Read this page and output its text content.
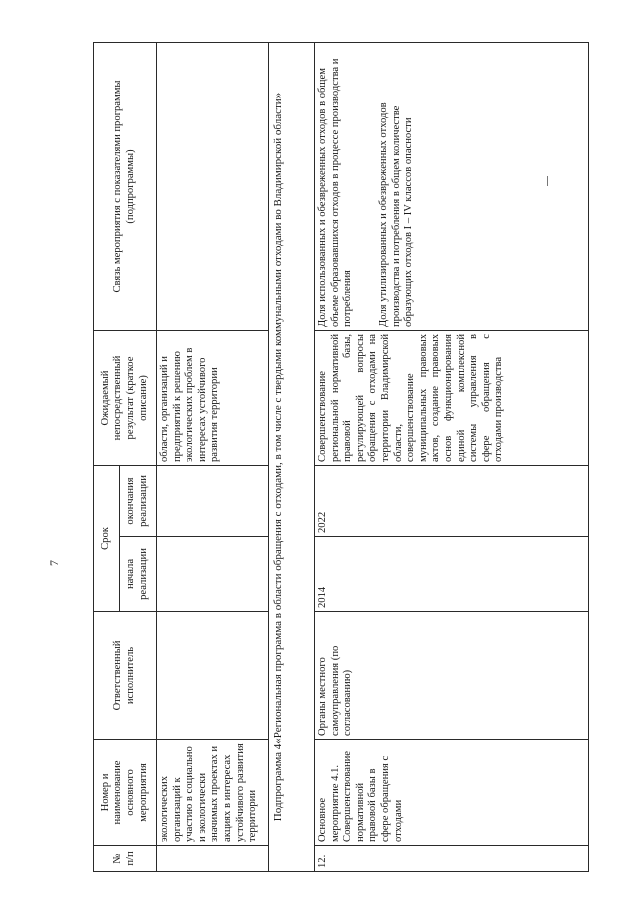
7
№ п/п
Номер и наименование основного мероприятия
Ответственный исполнитель
Срок
начала реализации
окончания реализации
Ожидаемый непосредственный результат (краткое описание)
Связь мероприятия с показателями программы (подпрограммы)
экологических организаций к участию в социально и экологически значимых проектах и акциях в интересах устойчивого развития территории
области, организаций и предприятий к решению экологических проблем в интересах устойчивого развития территории	Подпрограмма 4«Региональная программа в области обращения с отходами, в том числе с твердыми коммунальными отходами во Владимирской области»
12.
Основное мероприятие 4.1. Совершенствование нормативной правовой базы в сфере обращения с отходами
Органы местного самоуправления (по согласованию)
2014
2022
Совершенствование региональной нормативной правовой базы, регулирующей вопросы обращения с отходами на территории Владимирской области, совершенствование муниципальных правовых актов, создание правовых основ функционирования единой комплексной системы управления в сфере обращения с отходами производства
Доля использованных и обезвреженных отходов в общем объеме образовавшихся отходов в процессе производства и потребления	Доля утилизированных и обезвреженных отходов производства и потребления в общем количестве образующих отходов I – IV классов опасности
